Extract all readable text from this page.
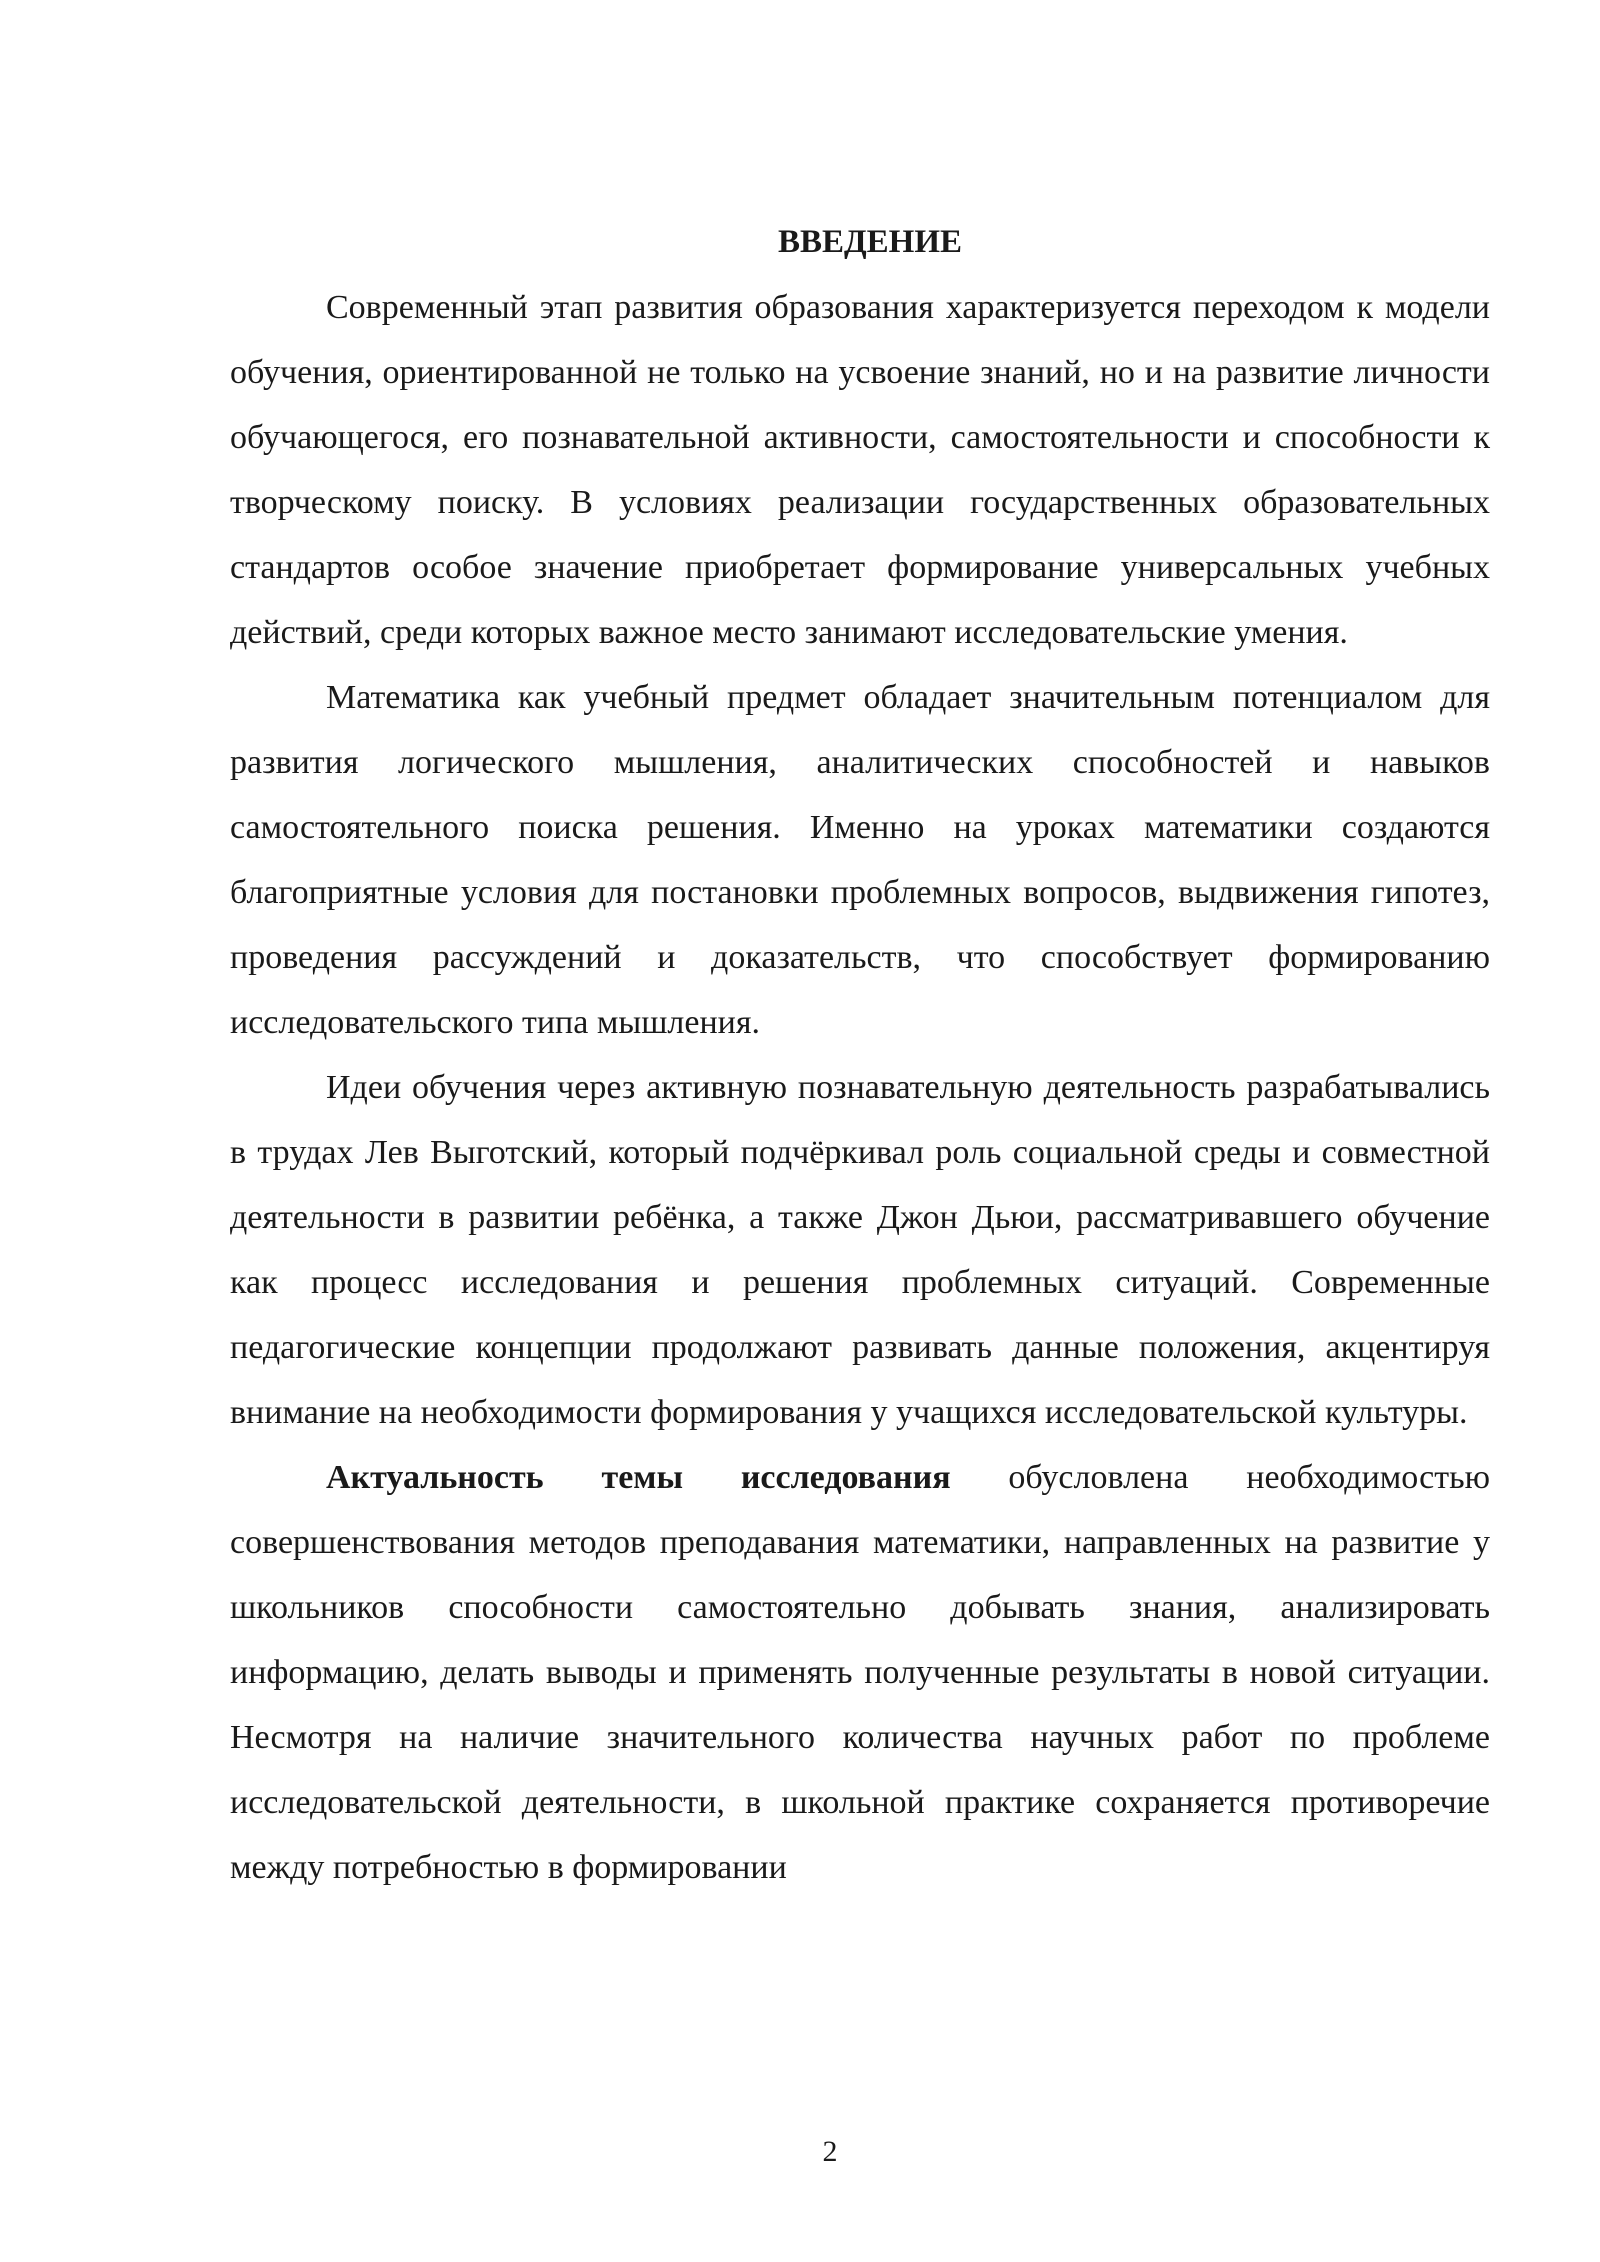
ВВЕДЕНИЕ

Современный этап развития образования характеризуется переходом к модели обучения, ориентированной не только на усвоение знаний, но и на развитие личности обучающегося, его познавательной активности, самостоятельности и способности к творческому поиску. В условиях реализации государственных образовательных стандартов особое значение приобретает формирование универсальных учебных действий, среди которых важное место занимают исследовательские умения.

Математика как учебный предмет обладает значительным потенциалом для развития логического мышления, аналитических способностей и навыков самостоятельного поиска решения. Именно на уроках математики создаются благоприятные условия для постановки проблемных вопросов, выдвижения гипотез, проведения рассуждений и доказательств, что способствует формированию исследовательского типа мышления.

Идеи обучения через активную познавательную деятельность разрабатывались в трудах Лев Выготский, который подчёркивал роль социальной среды и совместной деятельности в развитии ребёнка, а также Джон Дьюи, рассматривавшего обучение как процесс исследования и решения проблемных ситуаций. Современные педагогические концепции продолжают развивать данные положения, акцентируя внимание на необходимости формирования у учащихся исследовательской культуры.

Актуальность темы исследования обусловлена необходимостью совершенствования методов преподавания математики, направленных на развитие у школьников способности самостоятельно добывать знания, анализировать информацию, делать выводы и применять полученные результаты в новой ситуации. Несмотря на наличие значительного количества научных работ по проблеме исследовательской деятельности, в школьной практике сохраняется противоречие между потребностью в формировании

2
